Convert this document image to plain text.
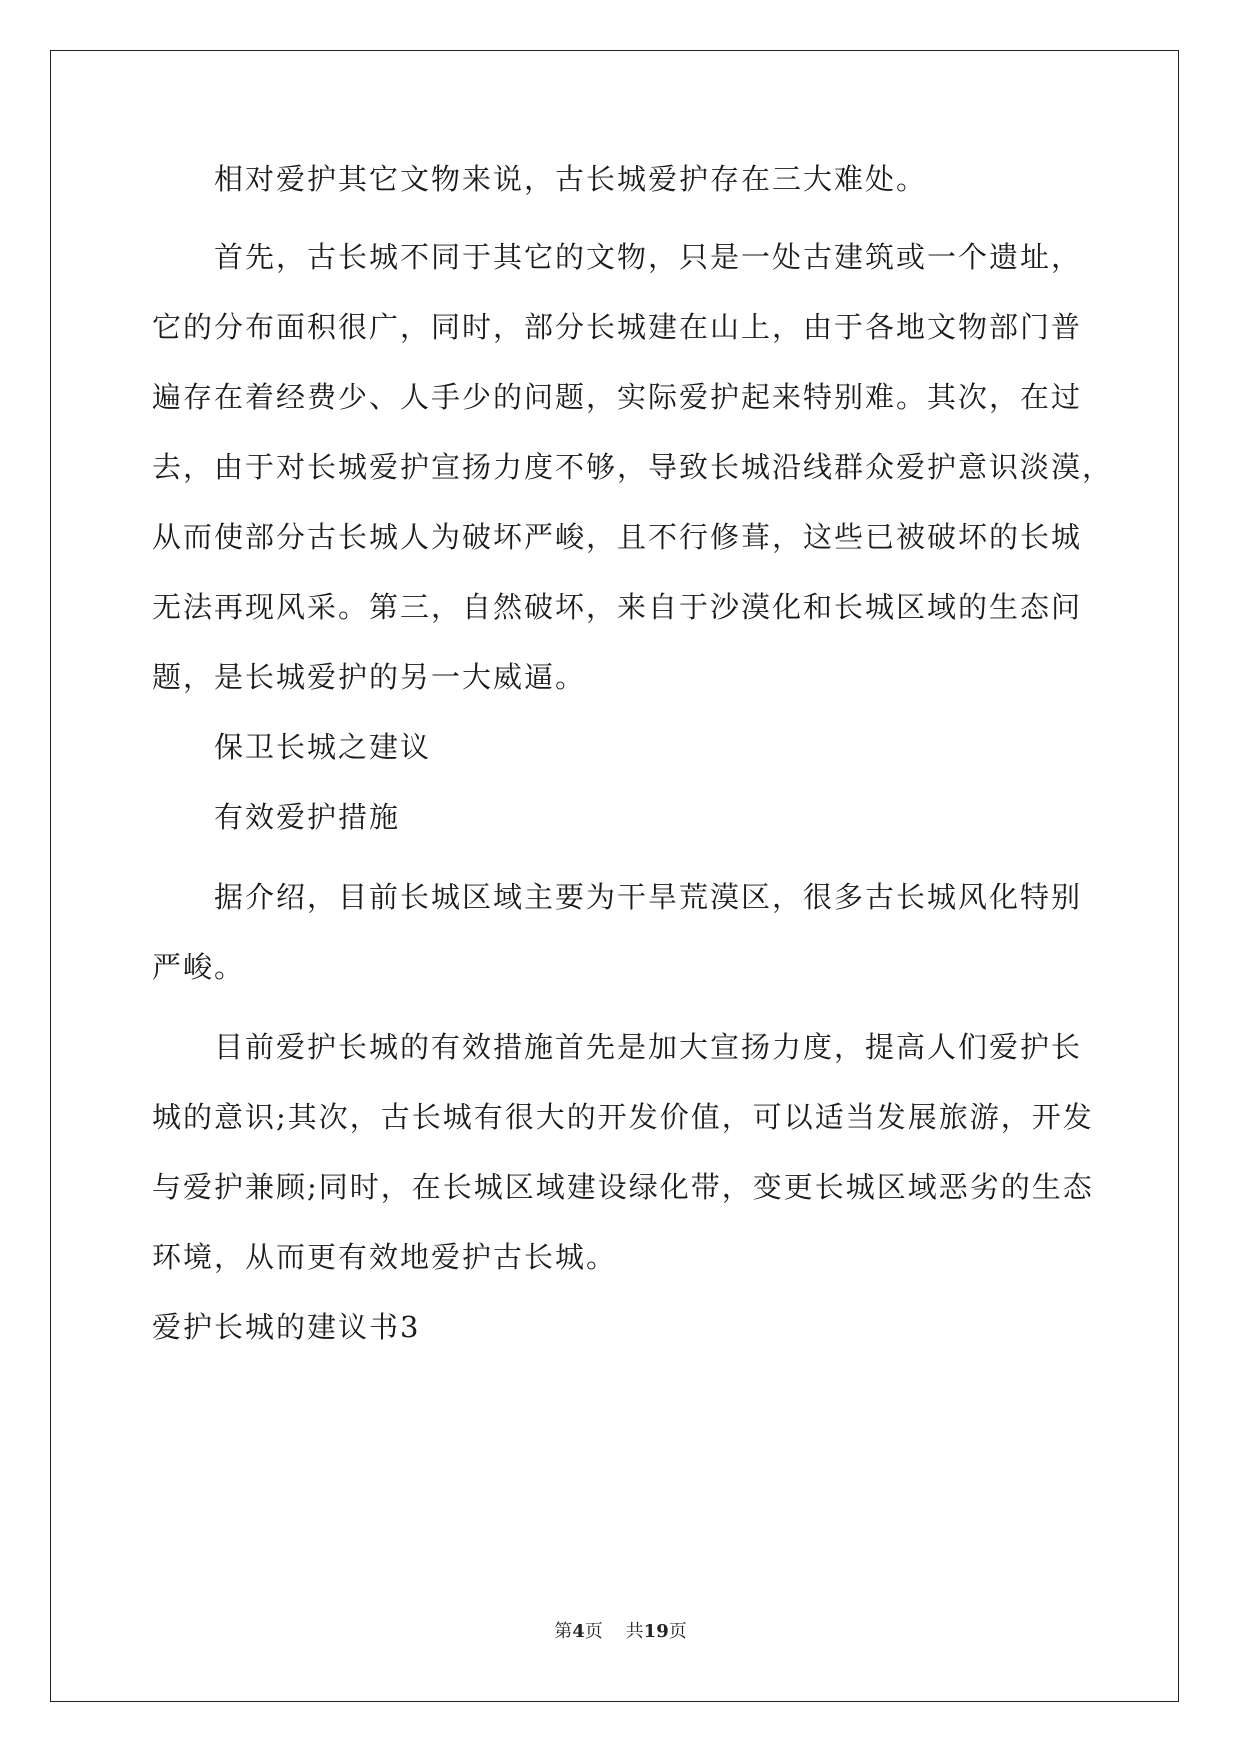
相对爱护其它文物来说，古长城爱护存在三大难处。
首先，古长城不同于其它的文物，只是一处古建筑或一个遗址，
它的分布面积很广，同时，部分长城建在山上，由于各地文物部门普
遍存在着经费少、人手少的问题，实际爱护起来特别难。其次，在过
去，由于对长城爱护宣扬力度不够，导致长城沿线群众爱护意识淡漠，
从而使部分古长城人为破坏严峻，且不行修葺，这些已被破坏的长城
无法再现风采。第三，自然破坏，来自于沙漠化和长城区域的生态问
题，是长城爱护的另一大威逼。
保卫长城之建议
有效爱护措施
据介绍，目前长城区域主要为干旱荒漠区，很多古长城风化特别
严峻。
目前爱护长城的有效措施首先是加大宣扬力度，提高人们爱护长
城的意识;其次，古长城有很大的开发价值，可以适当发展旅游，开发
与爱护兼顾;同时，在长城区域建设绿化带，变更长城区域恶劣的生态
环境，从而更有效地爱护古长城。
爱护长城的建议书3
第4页 共19页
